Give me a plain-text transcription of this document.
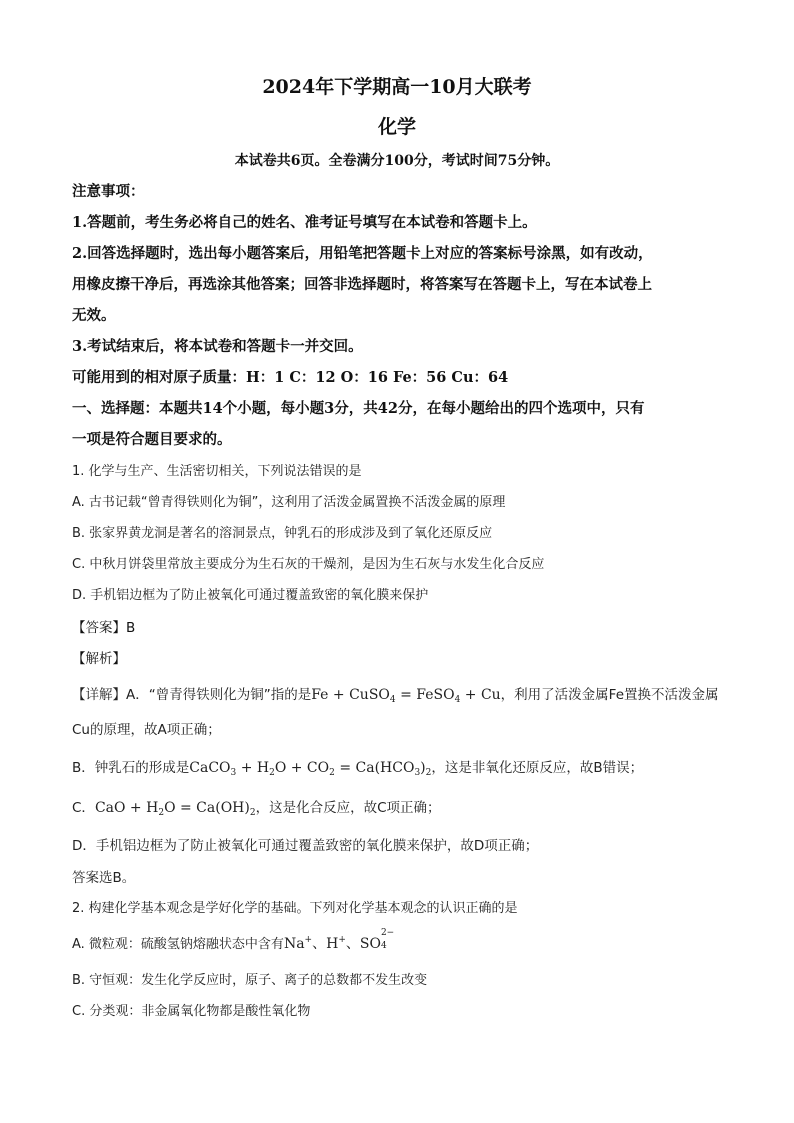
2024年下学期高一10月大联考
化学
本试卷共6页。全卷满分100分，考试时间75分钟。
注意事项：
1.答题前，考生务必将自己的姓名、准考证号填写在本试卷和答题卡上。
2.回答选择题时，选出每小题答案后，用铅笔把答题卡上对应的答案标号涂黑，如有改动，
用橡皮擦干净后，再选涂其他答案；回答非选择题时，将答案写在答题卡上，写在本试卷上
无效。
3.考试结束后，将本试卷和答题卡一并交回。
可能用到的相对原子质量：H：1 C：12 O：16 Fe：56 Cu：64
一、选择题：本题共14个小题，每小题3分，共42分，在每小题给出的四个选项中，只有
一项是符合题目要求的。
1. 化学与生产、生活密切相关，下列说法错误的是
A. 古书记载“曾青得铁则化为铜”，这利用了活泼金属置换不活泼金属的原理
B. 张家界黄龙洞是著名的溶洞景点，钟乳石的形成涉及到了氧化还原反应
C. 中秋月饼袋里常放主要成分为生石灰的干燥剂，是因为生石灰与水发生化合反应
D. 手机铝边框为了防止被氧化可通过覆盖致密的氧化膜来保护
【答案】B
【解析】
【详解】A．“曾青得铁则化为铜”指的是Fe + CuSO$_4$ = FeSO$_4$ + Cu，利用了活泼金属Fe置换不活泼金属
Cu的原理，故A项正确；
B．钟乳石的形成是CaCO$_3$ + $H_2O + CO_2 = Ca(HCO_3)_2$，这是非氧化还原反应，故B错误；
C．CaO + $H_2O = Ca(OH)_2$，这是化合反应，故C项正确；
D．手机铝边框为了防止被氧化可通过覆盖致密的氧化膜来保护，故D项正确；
答案选B。
2. 构建化学基本观念是学好化学的基础。下列对化学基本观念的认识正确的是
A. 微粒观：硫酸氢钠熔融状态中含有Na+、H+、SO
2−
4
B. 守恒观：发生化学反应时，原子、离子的总数都不发生改变
C. 分类观：非金属氧化物都是酸性氧化物
